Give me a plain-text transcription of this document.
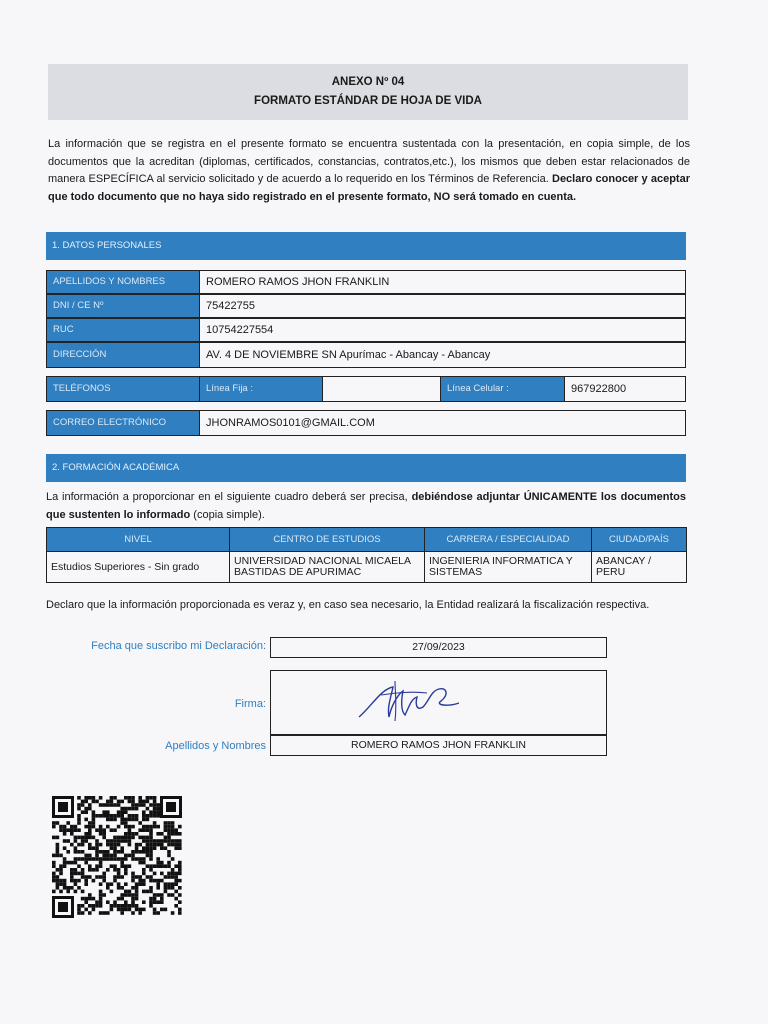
ANEXO Nº 04
FORMATO ESTÁNDAR DE HOJA DE VIDA
La información que se registra en el presente formato se encuentra sustentada con la presentación, en copia simple, de los documentos que la acreditan (diplomas, certificados, constancias, contratos,etc.), los mismos que deben estar relacionados de manera ESPECÍFICA al servicio solicitado y de acuerdo a lo requerido en los Términos de Referencia. Declaro conocer y aceptar que todo documento que no haya sido registrado en el presente formato, NO será tomado en cuenta.
1. DATOS PERSONALES
APELLIDOS Y NOMBRES	ROMERO RAMOS JHON FRANKLIN
DNI / CE Nº	75422755
RUC	10754227554
DIRECCIÓN	AV. 4 DE NOVIEMBRE SN Apurímac - Abancay - Abancay
TELÉFONOS	Línea Fija :	Línea Celular :	967922800
CORREO ELECTRÓNICO	JHONRAMOS0101@GMAIL.COM
2. FORMACIÓN ACADÉMICA
La información a proporcionar en el siguiente cuadro deberá ser precisa, debiéndose adjuntar ÚNICAMENTE los documentos que sustenten lo informado (copia simple).
NIVEL	CENTRO DE ESTUDIOS	CARRERA / ESPECIALIDAD	CIUDAD/PAÍS
Estudios Superiores - Sin grado	UNIVERSIDAD NACIONAL MICAELA BASTIDAS DE APURIMAC	INGENIERIA INFORMATICA Y SISTEMAS	ABANCAY / PERU
Declaro que la información proporcionada es veraz y, en caso sea necesario, la Entidad realizará la fiscalización respectiva.
Fecha que suscribo mi Declaración:	27/09/2023
Firma:
Apellidos y Nombres	ROMERO RAMOS JHON FRANKLIN
